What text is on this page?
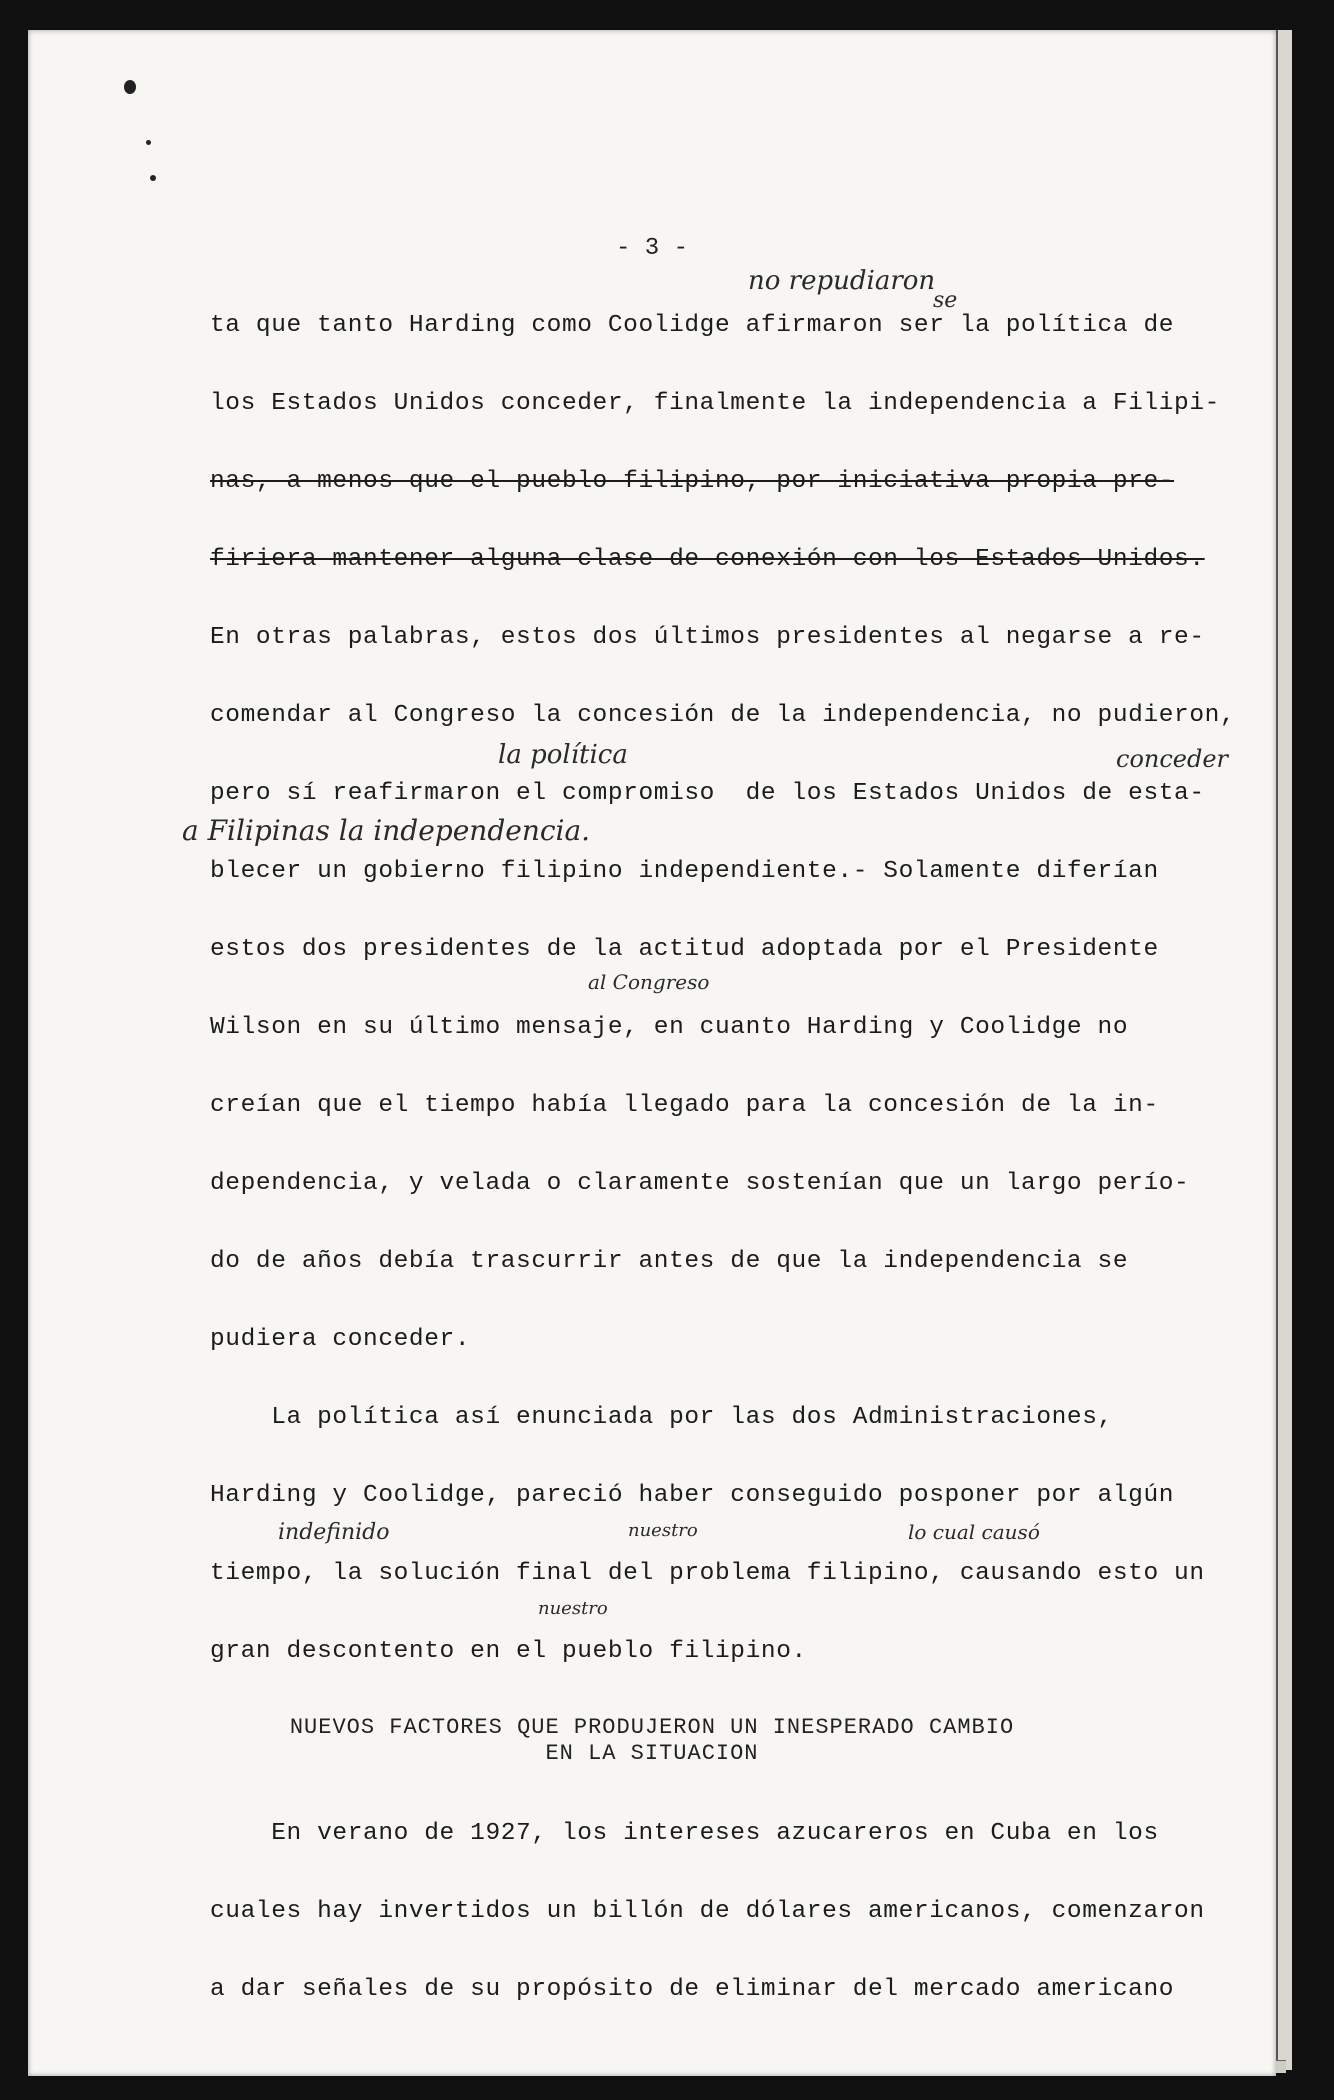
- 3 -
ta que tanto Harding como Coolidge afirmaron ser la política de
los Estados Unidos conceder, finalmente la independencia a Filipi-
nas, a menos que el pueblo filipino, por iniciativa propia pre-
firiera mantener alguna clase de conexión con los Estados Unidos.
En otras palabras, estos dos últimos presidentes al negarse a re-
comendar al Congreso la concesión de la independencia, no pudieron,
pero sí reafirmaron el compromiso  de los Estados Unidos de esta-
blecer un gobierno filipino independiente.- Solamente diferían
estos dos presidentes de la actitud adoptada por el Presidente
Wilson en su último mensaje, en cuanto Harding y Coolidge no
creían que el tiempo había llegado para la concesión de la in-
dependencia, y velada o claramente sostenían que un largo perío-
do de años debía trascurrir antes de que la independencia se
pudiera conceder.
La política así enunciada por las dos Administraciones,
Harding y Coolidge, pareció haber conseguido posponer por algún
tiempo, la solución final del problema filipino, causando esto un
gran descontento en el pueblo filipino.
NUEVOS FACTORES QUE PRODUJERON UN INESPERADO CAMBIO
EN LA SITUACION
En verano de 1927, los intereses azucareros en Cuba en los
cuales hay invertidos un billón de dólares americanos, comenzaron
a dar señales de su propósito de eliminar del mercado americano
no repudiaron
se
la política	conceder
a Filipinas la independencia.
al Congreso
indefinido	nuestro	lo cual causó
nuestro
